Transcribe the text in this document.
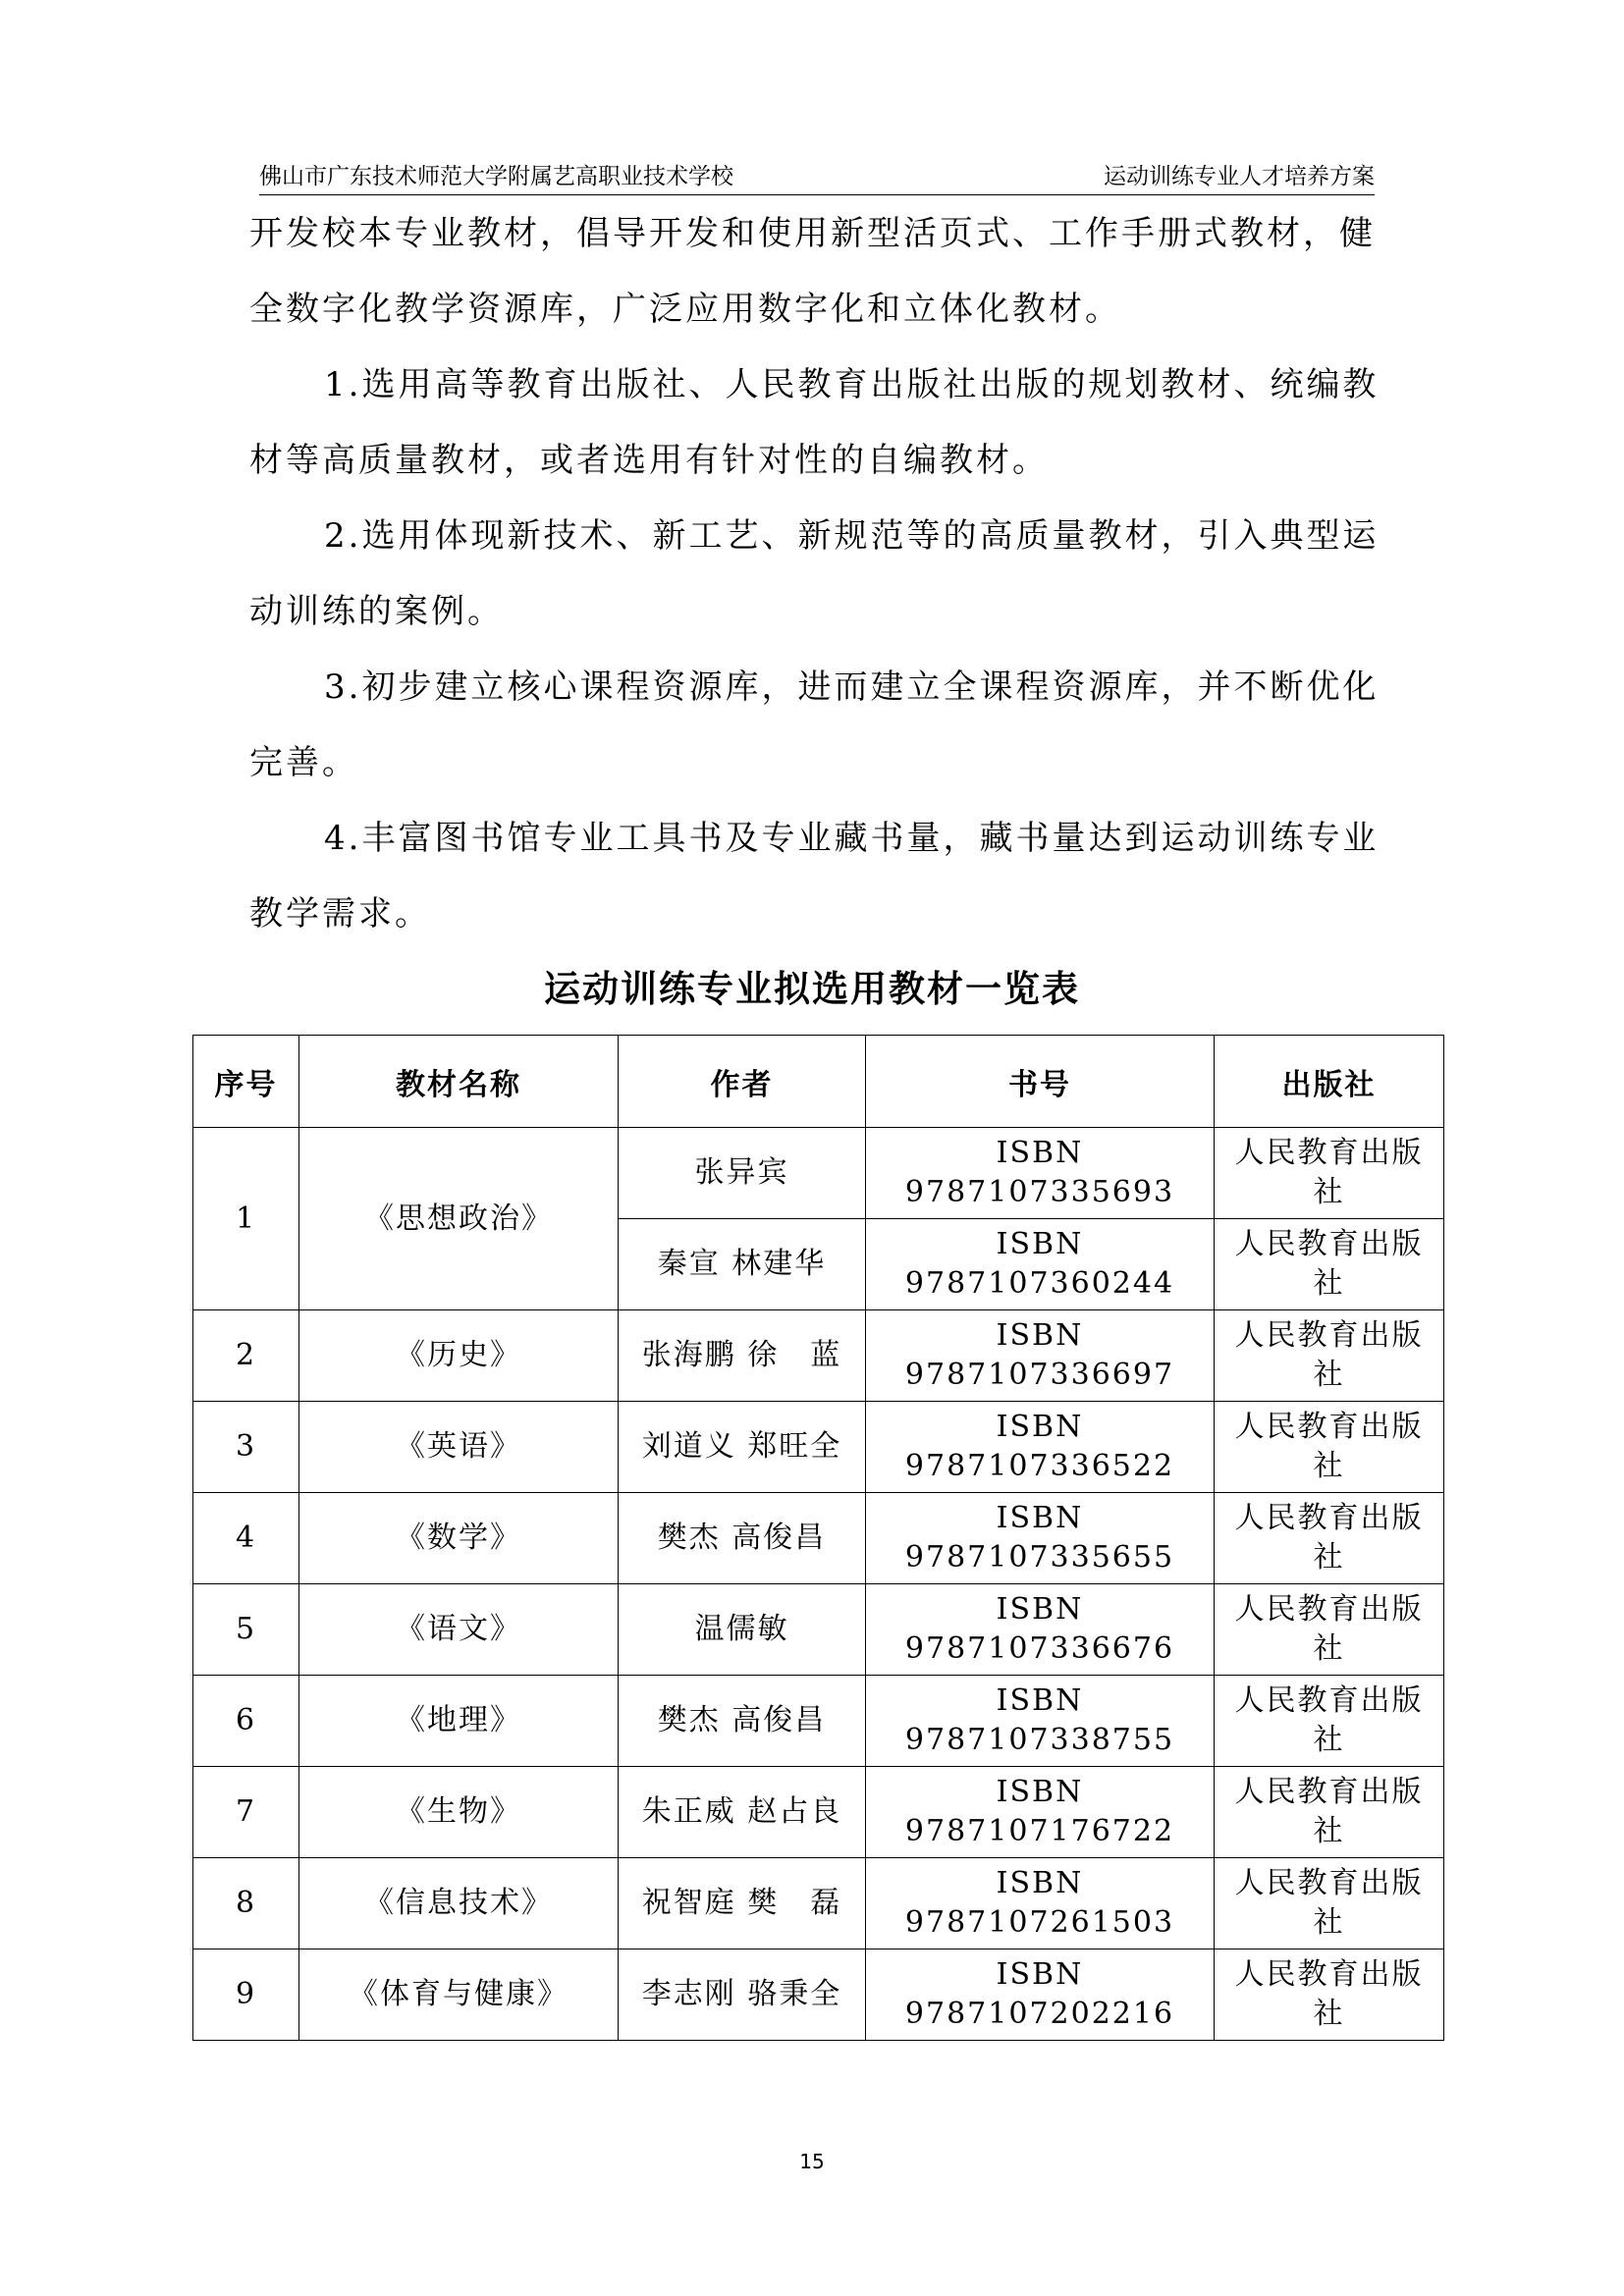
佛山市广东技术师范大学附属艺高职业技术学校	运动训练专业人才培养方案

开发校本专业教材，倡导开发和使用新型活页式、工作手册式教材，健全数字化教学资源库，广泛应用数字化和立体化教材。

1.选用高等教育出版社、人民教育出版社出版的规划教材、统编教材等高质量教材，或者选用有针对性的自编教材。

2.选用体现新技术、新工艺、新规范等的高质量教材，引入典型运动训练的案例。

3.初步建立核心课程资源库，进而建立全课程资源库，并不断优化完善。

4.丰富图书馆专业工具书及专业藏书量，藏书量达到运动训练专业教学需求。

运动训练专业拟选用教材一览表
序号	教材名称	作者	书号	出版社
1	《思想政治》	张异宾	ISBN 9787107335693	人民教育出版社
		秦宣 林建华	ISBN 9787107360244	人民教育出版社
2	《历史》	张海鹏 徐　蓝	ISBN 9787107336697	人民教育出版社
3	《英语》	刘道义 郑旺全	ISBN 9787107336522	人民教育出版社
4	《数学》	樊杰 高俊昌	ISBN 9787107335655	人民教育出版社
5	《语文》	温儒敏	ISBN 9787107336676	人民教育出版社
6	《地理》	樊杰 高俊昌	ISBN 9787107338755	人民教育出版社
7	《生物》	朱正威 赵占良	ISBN 9787107176722	人民教育出版社
8	《信息技术》	祝智庭 樊　磊	ISBN 9787107261503	人民教育出版社
9	《体育与健康》	李志刚 骆秉全	ISBN 9787107202216	人民教育出版社
15
